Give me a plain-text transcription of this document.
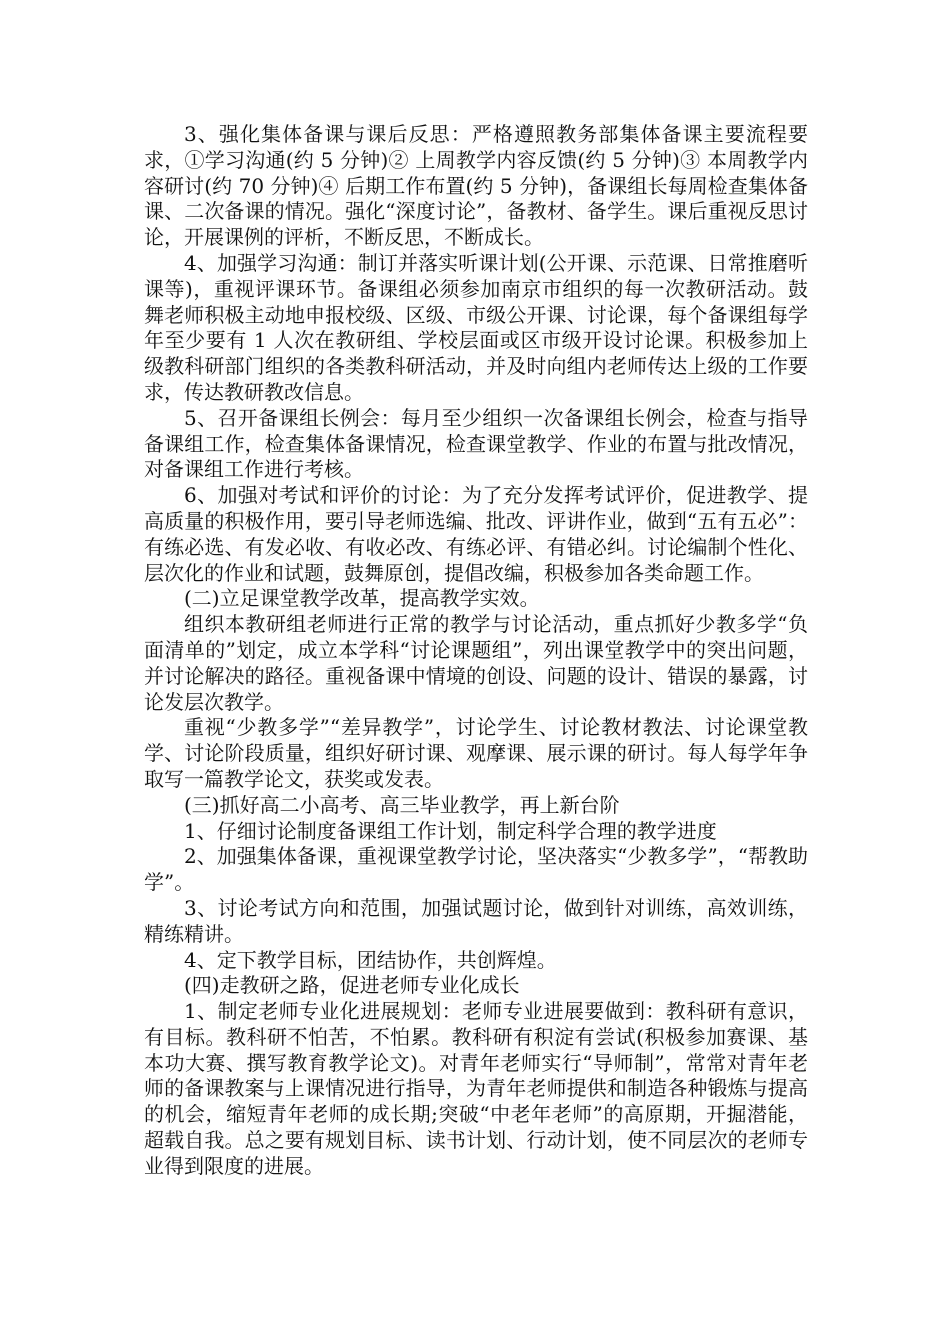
3、强化集体备课与课后反思：严格遵照教务部集体备课主要流程要求，①学习沟通(约 5 分钟)② 上周教学内容反馈(约 5 分钟)③ 本周教学内容研讨(约 70 分钟)④ 后期工作布置(约 5 分钟)，备课组长每周检查集体备课、二次备课的情况。强化“深度讨论”，备教材、备学生。课后重视反思讨论，开展课例的评析，不断反思，不断成长。

4、加强学习沟通：制订并落实听课计划(公开课、示范课、日常推磨听课等)，重视评课环节。备课组必须参加南京市组织的每一次教研活动。鼓舞老师积极主动地申报校级、区级、市级公开课、讨论课，每个备课组每学年至少要有 1 人次在教研组、学校层面或区市级开设讨论课。积极参加上级教科研部门组织的各类教科研活动，并及时向组内老师传达上级的工作要求，传达教研教改信息。

5、召开备课组长例会：每月至少组织一次备课组长例会，检查与指导备课组工作，检查集体备课情况，检查课堂教学、作业的布置与批改情况，对备课组工作进行考核。

6、加强对考试和评价的讨论：为了充分发挥考试评价，促进教学、提高质量的积极作用，要引导老师选编、批改、评讲作业，做到“五有五必”：有练必选、有发必收、有收必改、有练必评、有错必纠。讨论编制个性化、层次化的作业和试题，鼓舞原创，提倡改编，积极参加各类命题工作。

(二)立足课堂教学改革，提高教学实效。

组织本教研组老师进行正常的教学与讨论活动，重点抓好少教多学“负面清单的”划定，成立本学科“讨论课题组”，列出课堂教学中的突出问题，并讨论解决的路径。重视备课中情境的创设、问题的设计、错误的暴露，讨论发层次教学。

重视“少教多学”“差异教学”，讨论学生、讨论教材教法、讨论课堂教学、讨论阶段质量，组织好研讨课、观摩课、展示课的研讨。每人每学年争取写一篇教学论文，获奖或发表。

(三)抓好高二小高考、高三毕业教学，再上新台阶

1、仔细讨论制度备课组工作计划，制定科学合理的教学进度

2、加强集体备课，重视课堂教学讨论，坚决落实“少教多学”，“帮教助学”。

3、讨论考试方向和范围，加强试题讨论，做到针对训练，高效训练，精练精讲。

4、定下教学目标，团结协作，共创辉煌。

(四)走教研之路，促进老师专业化成长

1、制定老师专业化进展规划：老师专业进展要做到：教科研有意识，有目标。教科研不怕苦，不怕累。教科研有积淀有尝试(积极参加赛课、基本功大赛、撰写教育教学论文)。对青年老师实行“导师制”，常常对青年老师的备课教案与上课情况进行指导，为青年老师提供和制造各种锻炼与提高的机会，缩短青年老师的成长期;突破“中老年老师”的高原期，开掘潜能，超载自我。总之要有规划目标、读书计划、行动计划，使不同层次的老师专业得到限度的进展。
